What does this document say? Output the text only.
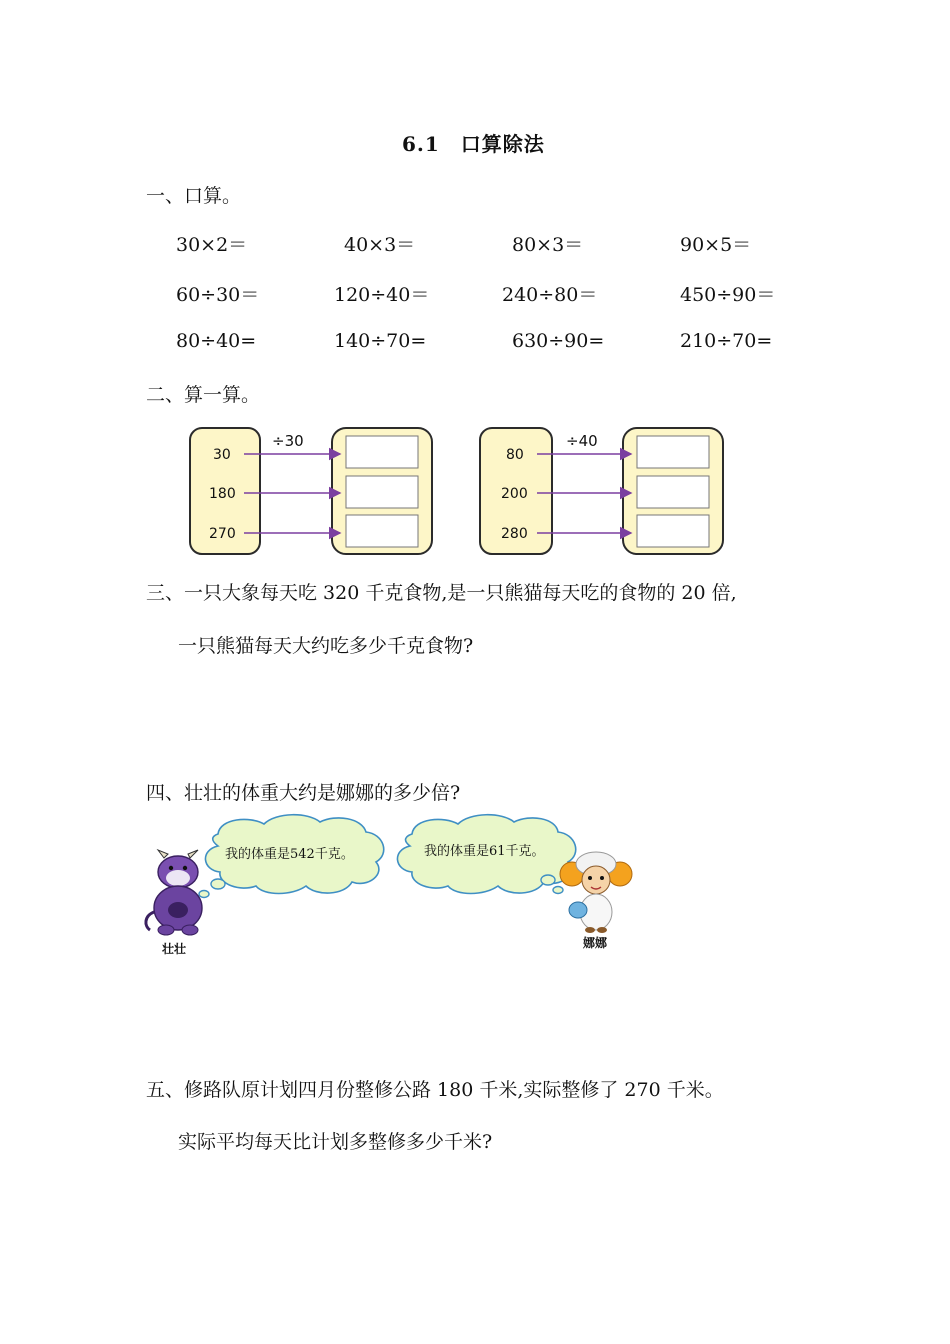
6.1　口算除法
一、口算。
30×2＝	40×3＝	80×3＝	90×5＝
60÷30＝	120÷40＝	240÷80＝	450÷90＝
80÷40=	140÷70=	630÷90=	210÷70=
二、算一算。
30
180
270
÷30
80
200
280
÷40
三、一只大象每天吃 320 千克食物,是一只熊猫每天吃的食物的 20 倍,
一只熊猫每天大约吃多少千克食物?
四、壮壮的体重大约是娜娜的多少倍?
我的体重是542千克。	我的体重是61千克。
壮壮	娜娜
五、修路队原计划四月份整修公路 180 千米,实际整修了 270 千米。
实际平均每天比计划多整修多少千米?
